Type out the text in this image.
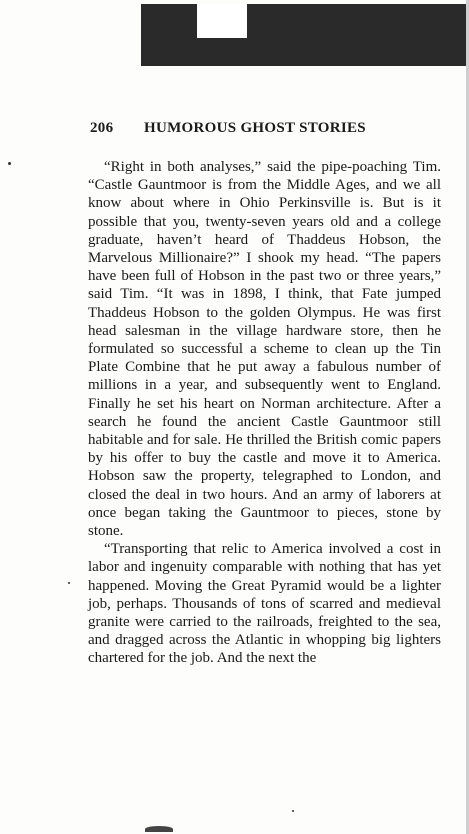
206 HUMOROUS GHOST STORIES

“Right in both analyses,” said the pipe-poaching Tim. “Castle Gauntmoor is from the Middle Ages, and we all know about where in Ohio Perkinsville is. But is it possible that you, twenty-seven years old and a college graduate, haven’t heard of Thaddeus Hobson, the Marvelous Millionaire?” I shook my head. “The papers have been full of Hobson in the past two or three years,” said Tim. “It was in 1898, I think, that Fate jumped Thaddeus Hobson to the golden Olympus. He was first head salesman in the village hardware store, then he formulated so successful a scheme to clean up the Tin Plate Combine that he put away a fabulous number of millions in a year, and subsequently went to England. Finally he set his heart on Norman architecture. After a search he found the ancient Castle Gauntmoor still habitable and for sale. He thrilled the British comic papers by his offer to buy the castle and move it to America. Hobson saw the property, telegraphed to London, and closed the deal in two hours. And an army of laborers at once began taking the Gauntmoor to pieces, stone by stone.

“Transporting that relic to America involved a cost in labor and ingenuity comparable with nothing that has yet happened. Moving the Great Pyramid would be a lighter job, perhaps. Thousands of tons of scarred and medieval granite were carried to the railroads, freighted to the sea, and dragged across the Atlantic in whopping big lighters chartered for the job. And the next the
